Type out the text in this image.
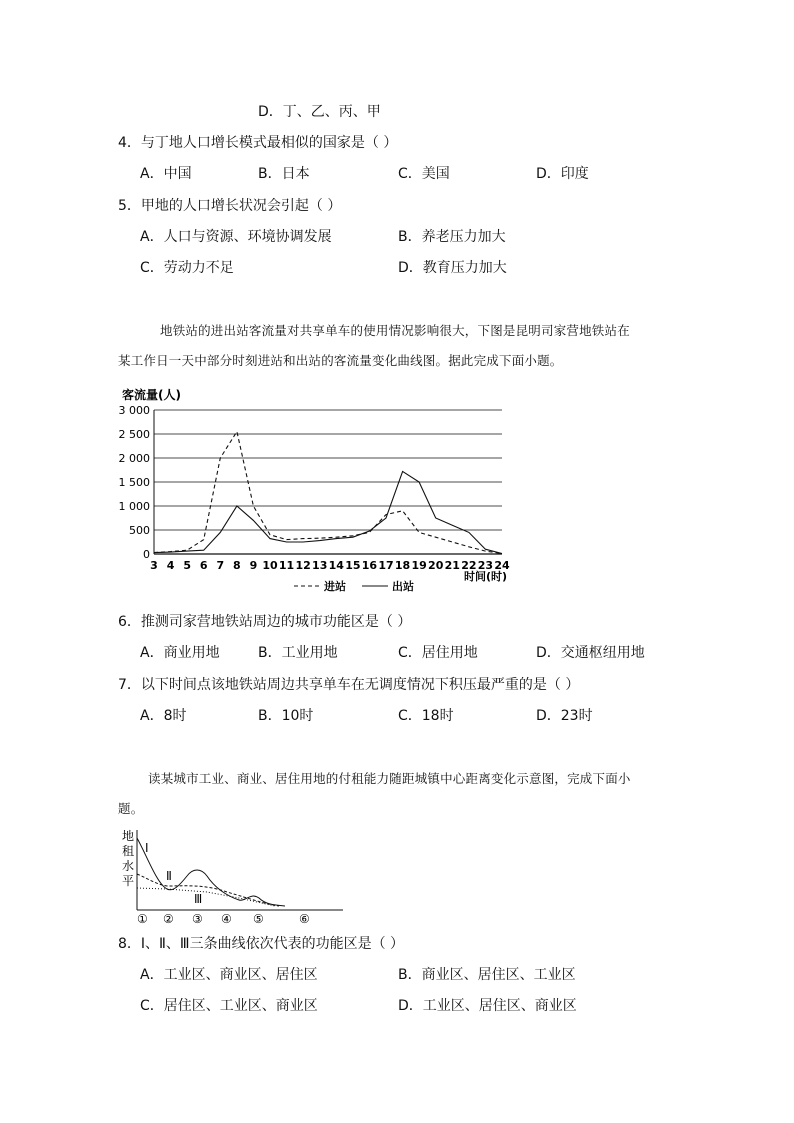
D．丁、乙、丙、甲
4．与丁地人口增长模式最相似的国家是（ ）
A．中国	B．日本	C．美国	D．印度
5．甲地的人口增长状况会引起（ ）
A．人口与资源、环境协调发展	B．养老压力加大
C．劳动力不足	D．教育压力加大
地铁站的进出站客流量对共享单车的使用情况影响很大，下图是昆明司家营地铁站在
某工作日一天中部分时刻进站和出站的客流量变化曲线图。据此完成下面小题。
客流量(人)
0
500
1 000
1 500
2 000
2 500
3 000
3 4 5 6 7 8 9 10 11 12 13 14 15 16 17 18 19 20 21 22 23 24
时间(时)
进站	出站
6．推测司家营地铁站周边的城市功能区是（ ）
A．商业用地	B．工业用地	C．居住用地	D．交通枢纽用地
7．以下时间点该地铁站周边共享单车在无调度情况下积压最严重的是（ ）
A．8时	B．10时	C．18时	D．23时
读某城市工业、商业、居住用地的付租能力随距城镇中心距离变化示意图，完成下面小
题。
地
租
水
平
Ⅰ
Ⅱ
Ⅲ
① ② ③ ④ ⑤	⑥
8．Ⅰ、Ⅱ、Ⅲ三条曲线依次代表的功能区是（ ）
A．工业区、商业区、居住区	B．商业区、居住区、工业区
C．居住区、工业区、商业区	D．工业区、居住区、商业区
